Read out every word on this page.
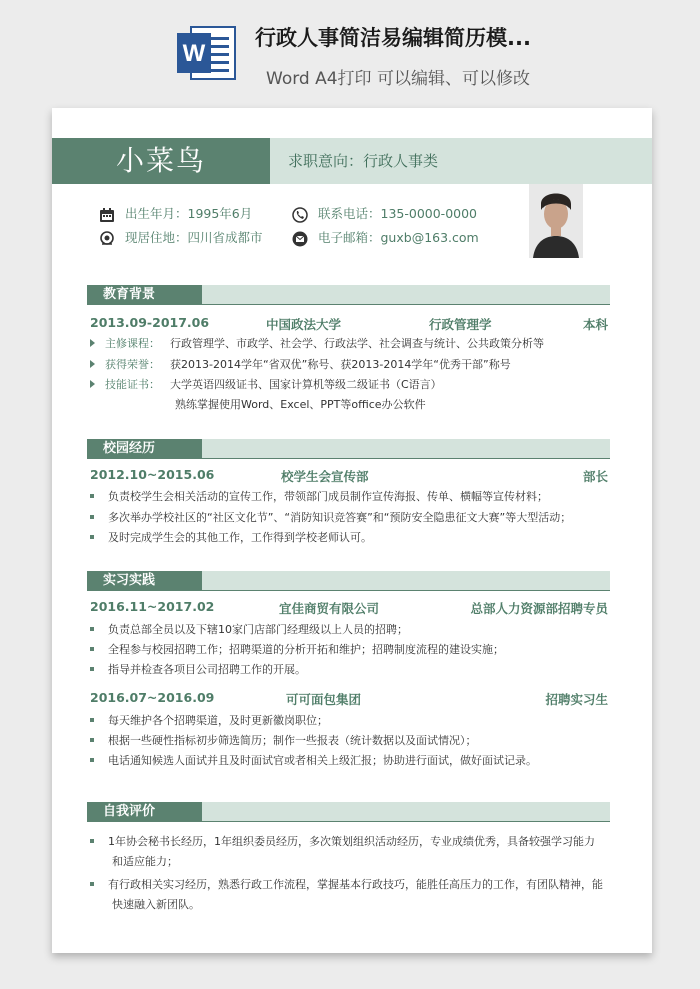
W
行政人事简洁易编辑简历模...
Word A4打印 可以编辑、可以修改
小菜鸟	求职意向：行政人事类
出生年月：1995年6月	联系电话：135-0000-0000
现居住地：四川省成都市	电子邮箱：guxb@163.com
教育背景
2013.09-2017.06	中国政法大学	行政管理学	本科
主修课程： 行政管理学、市政学、社会学、行政法学、社会调查与统计、公共政策分析等
获得荣誉： 获2013-2014学年“省双优”称号、获2013-2014学年“优秀干部”称号
技能证书： 大学英语四级证书、国家计算机等级二级证书（C语言）
熟练掌握使用Word、Excel、PPT等office办公软件
校园经历
2012.10~2015.06	校学生会宣传部	部长
负责校学生会相关活动的宣传工作，带领部门成员制作宣传海报、传单、横幅等宣传材料；
多次举办学校社区的“社区文化节”、“消防知识竞答赛”和“预防安全隐患征文大赛”等大型活动；
及时完成学生会的其他工作，工作得到学校老师认可。
实习实践
2016.11~2017.02	宜佳商贸有限公司	总部人力资源部招聘专员
负责总部全员以及下辖10家门店部门经理级以上人员的招聘；
全程参与校园招聘工作；招聘渠道的分析开拓和维护；招聘制度流程的建设实施；
指导并检查各项目公司招聘工作的开展。
2016.07~2016.09	可可面包集团	招聘实习生
每天维护各个招聘渠道，及时更新徽岗职位；
根据一些硬性指标初步筛选简历；制作一些报表（统计数据以及面试情况）；
电话通知候选人面试并且及时面试官或者相关上级汇报；协助进行面试，做好面试记录。
自我评价
1年协会秘书长经历，1年组织委员经历，多次策划组织活动经历，专业成绩优秀，具备较强学习能力
和适应能力；
有行政相关实习经历，熟悉行政工作流程，掌握基本行政技巧，能胜任高压力的工作，有团队精神，能
快速融入新团队。
